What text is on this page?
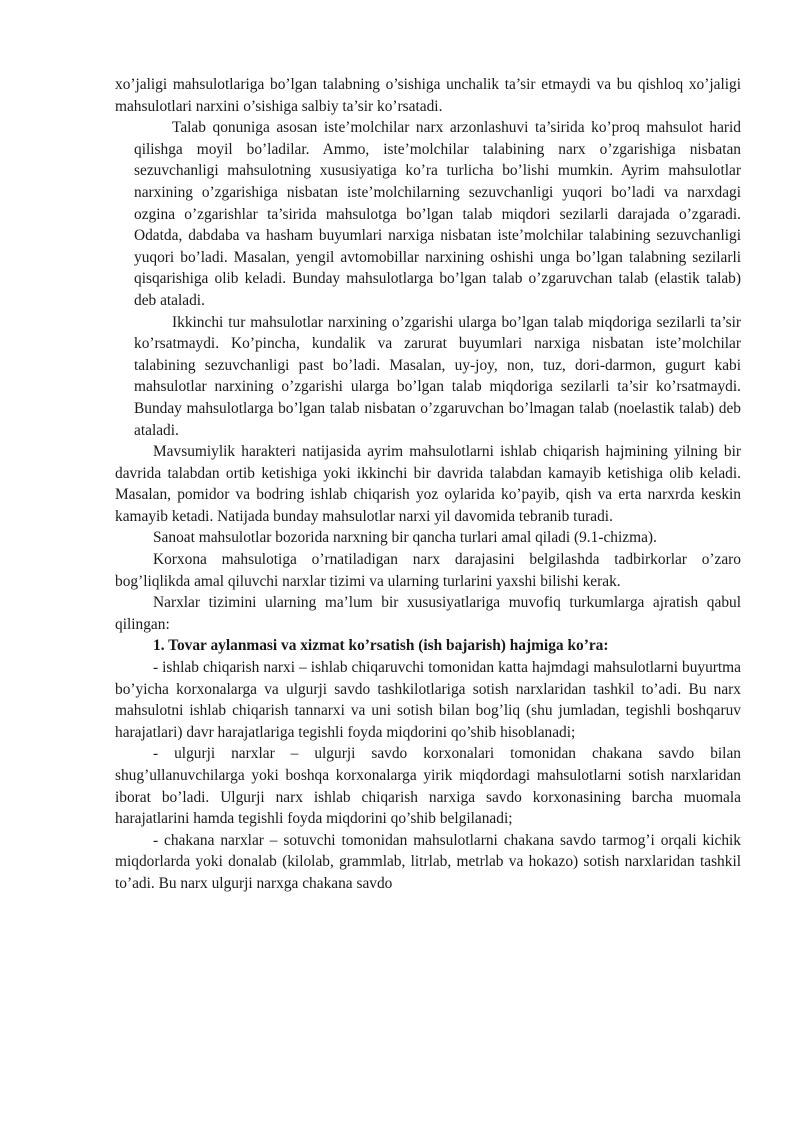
xo’jaligi mahsulotlariga bo’lgan talabning o’sishiga unchalik ta’sir etmaydi va bu qishloq xo’jaligi mahsulotlari narxini o’sishiga salbiy ta’sir ko’rsatadi.

Talab qonuniga asosan iste’molchilar narx arzonlashuvi ta’sirida ko’proq mahsulot harid qilishga moyil bo’ladilar. Ammo, iste’molchilar talabining narx o’zgarishiga nisbatan sezuvchanligi mahsulotning xususiyatiga ko’ra turlicha bo’lishi mumkin. Ayrim mahsulotlar narxining o’zgarishiga nisbatan iste’molchilarning sezuvchanligi yuqori bo’ladi va narxdagi ozgina o’zgarishlar ta’sirida mahsulotga bo’lgan talab miqdori sezilarli darajada o’zgaradi. Odatda, dabdaba va hasham buyumlari narxiga nisbatan iste’molchilar talabining sezuvchanligi yuqori bo’ladi. Masalan, yengil avtomobillar narxining oshishi unga bo’lgan talabning sezilarli qisqarishiga olib keladi. Bunday mahsulotlarga bo’lgan talab o’zgaruvchan talab (elastik talab) deb ataladi.

Ikkinchi tur mahsulotlar narxining o’zgarishi ularga bo’lgan talab miqdoriga sezilarli ta’sir ko’rsatmaydi. Ko’pincha, kundalik va zarurat buyumlari narxiga nisbatan iste’molchilar talabining sezuvchanligi past bo’ladi. Masalan, uy-joy, non, tuz, dori-darmon, gugurt kabi mahsulotlar narxining o’zgarishi ularga bo’lgan talab miqdoriga sezilarli ta’sir ko’rsatmaydi. Bunday mahsulotlarga bo’lgan talab nisbatan o’zgaruvchan bo’lmagan talab (noelastik talab) deb ataladi.

Mavsumiylik harakteri natijasida ayrim mahsulotlarni ishlab chiqarish hajmining yilning bir davrida talabdan ortib ketishiga yoki ikkinchi bir davrida talabdan kamayib ketishiga olib keladi. Masalan, pomidor va bodring ishlab chiqarish yoz oylarida ko’payib, qish va erta narxrda keskin kamayib ketadi. Natijada bunday mahsulotlar narxi yil davomida tebranib turadi.

Sanoat mahsulotlar bozorida narxning bir qancha turlari amal qiladi (9.1-chizma).

Korxona mahsulotiga o’rnatiladigan narx darajasini belgilashda tadbirkorlar o’zaro bog’liqlikda amal qiluvchi narxlar tizimi va ularning turlarini yaxshi bilishi kerak.

Narxlar tizimini ularning ma’lum bir xususiyatlariga muvofiq turkumlarga ajratish qabul qilingan:

1. Tovar aylanmasi va xizmat ko’rsatish (ish bajarish) hajmiga ko’ra:

- ishlab chiqarish narxi – ishlab chiqaruvchi tomonidan katta hajmdagi mahsulotlarni buyurtma bo’yicha korxonalarga va ulgurji savdo tashkilotlariga sotish narxlaridan tashkil to’adi. Bu narx mahsulotni ishlab chiqarish tannarxi va uni sotish bilan bog’liq (shu jumladan, tegishli boshqaruv harajatlari) davr harajatlariga tegishli foyda miqdorini qo’shib hisoblanadi;

- ulgurji narxlar – ulgurji savdo korxonalari tomonidan chakana savdo bilan shug’ullanuvchilarga yoki boshqa korxonalarga yirik miqdordagi mahsulotlarni sotish narxlaridan iborat bo’ladi. Ulgurji narx ishlab chiqarish narxiga savdo korxonasining barcha muomala harajatlarini hamda tegishli foyda miqdorini qo’shib belgilanadi;

- chakana narxlar – sotuvchi tomonidan mahsulotlarni chakana savdo tarmog’i orqali kichik miqdorlarda yoki donalab (kilolab, grammlab, litrlab, metrlab va hokazo) sotish narxlaridan tashkil to’adi. Bu narx ulgurji narxga chakana savdo
